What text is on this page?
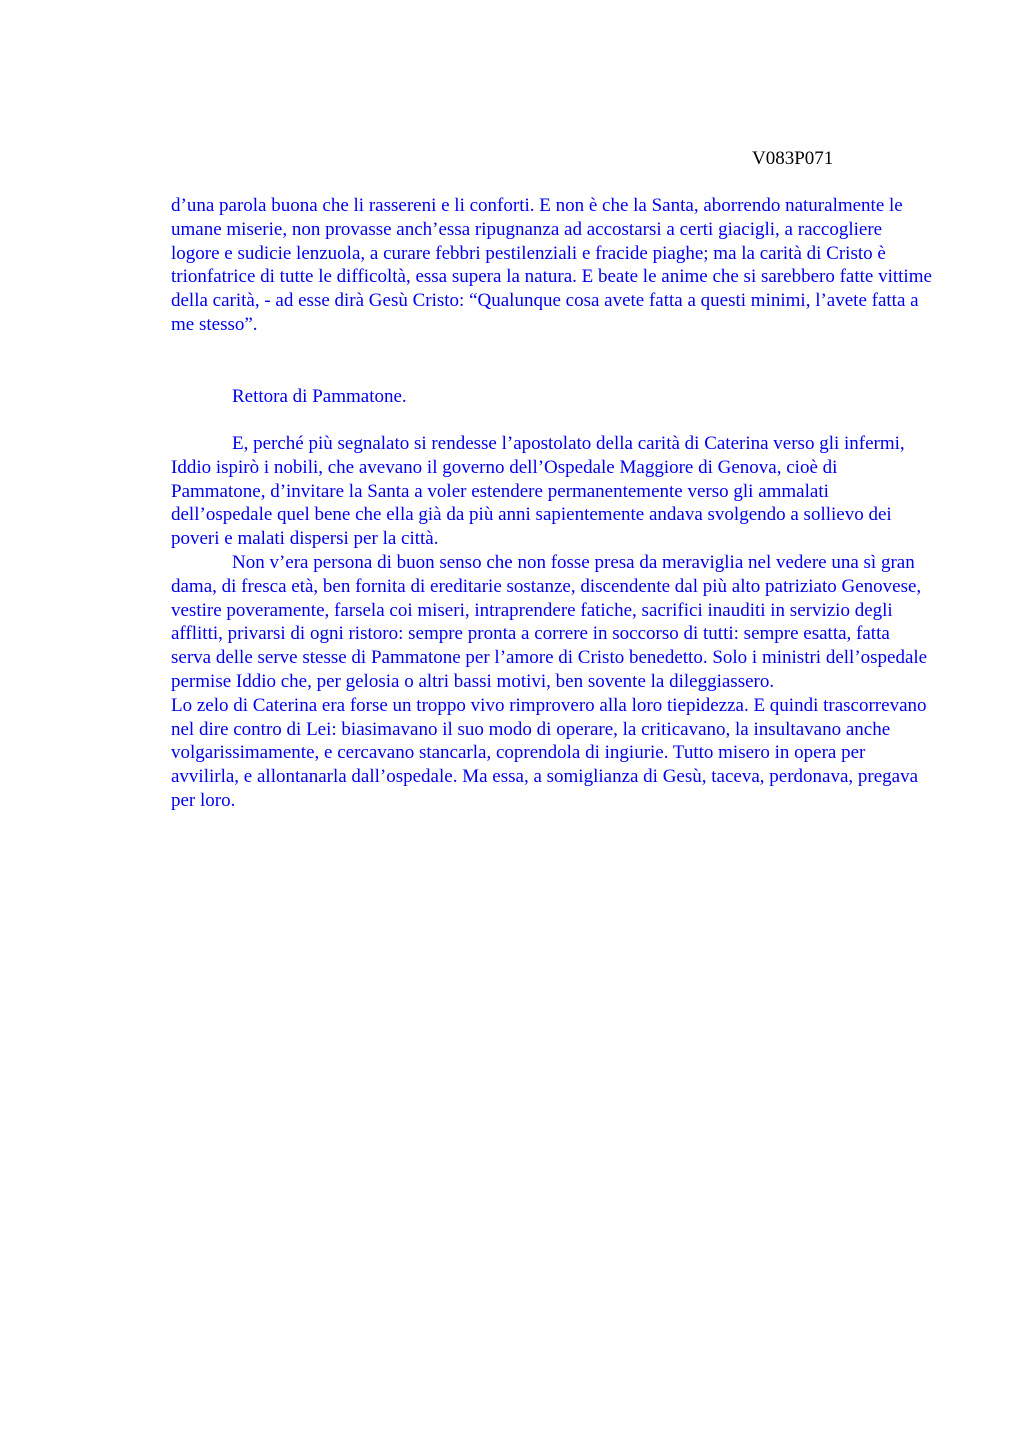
V083P071

d’una parola buona che li rassereni e li conforti. E non è che la Santa, aborrendo naturalmente le umane miserie, non provasse anch’essa ripugnanza ad accostarsi a certi giacigli, a raccogliere logore e sudicie lenzuola, a curare febbri pestilenziali e fracide piaghe; ma la carità di Cristo è trionfatrice di tutte le difficoltà, essa supera la natura. E beate le anime che si sarebbero fatte vittime della carità, - ad esse dirà Gesù Cristo: “Qualunque cosa avete fatta a questi minimi, l’avete fatta a me stesso”.

Rettora di Pammatone.

E, perché più segnalato si rendesse l’apostolato della carità di Caterina verso gli infermi, Iddio ispirò i nobili, che avevano il governo dell’Ospedale Maggiore di Genova, cioè di Pammatone, d’invitare la Santa a voler estendere permanentemente verso gli ammalati dell’ospedale quel bene che ella già da più anni sapientemente andava svolgendo a sollievo dei poveri e malati dispersi per la città.

Non v’era persona di buon senso che non fosse presa da meraviglia nel vedere una sì gran dama, di fresca età, ben fornita di ereditarie sostanze, discendente dal più alto patriziato Genovese, vestire poveramente, farsela coi miseri, intraprendere fatiche, sacrifici inauditi in servizio degli afflitti, privarsi di ogni ristoro: sempre pronta a correre in soccorso di tutti: sempre esatta, fatta serva delle serve stesse di Pammatone per l’amore di Cristo benedetto. Solo i ministri dell’ospedale permise Iddio che, per gelosia o altri bassi motivi, ben sovente la dileggiassero.

Lo zelo di Caterina era forse un troppo vivo rimprovero alla loro tiepidezza. E quindi trascorrevano nel dire contro di Lei: biasimavano il suo modo di operare, la criticavano, la insultavano anche volgarissimamente, e cercavano stancarla, coprendola di ingiurie. Tutto misero in opera per avvilirla, e allontanarla dall’ospedale. Ma essa, a somiglianza di Gesù, taceva, perdonava, pregava per loro.
